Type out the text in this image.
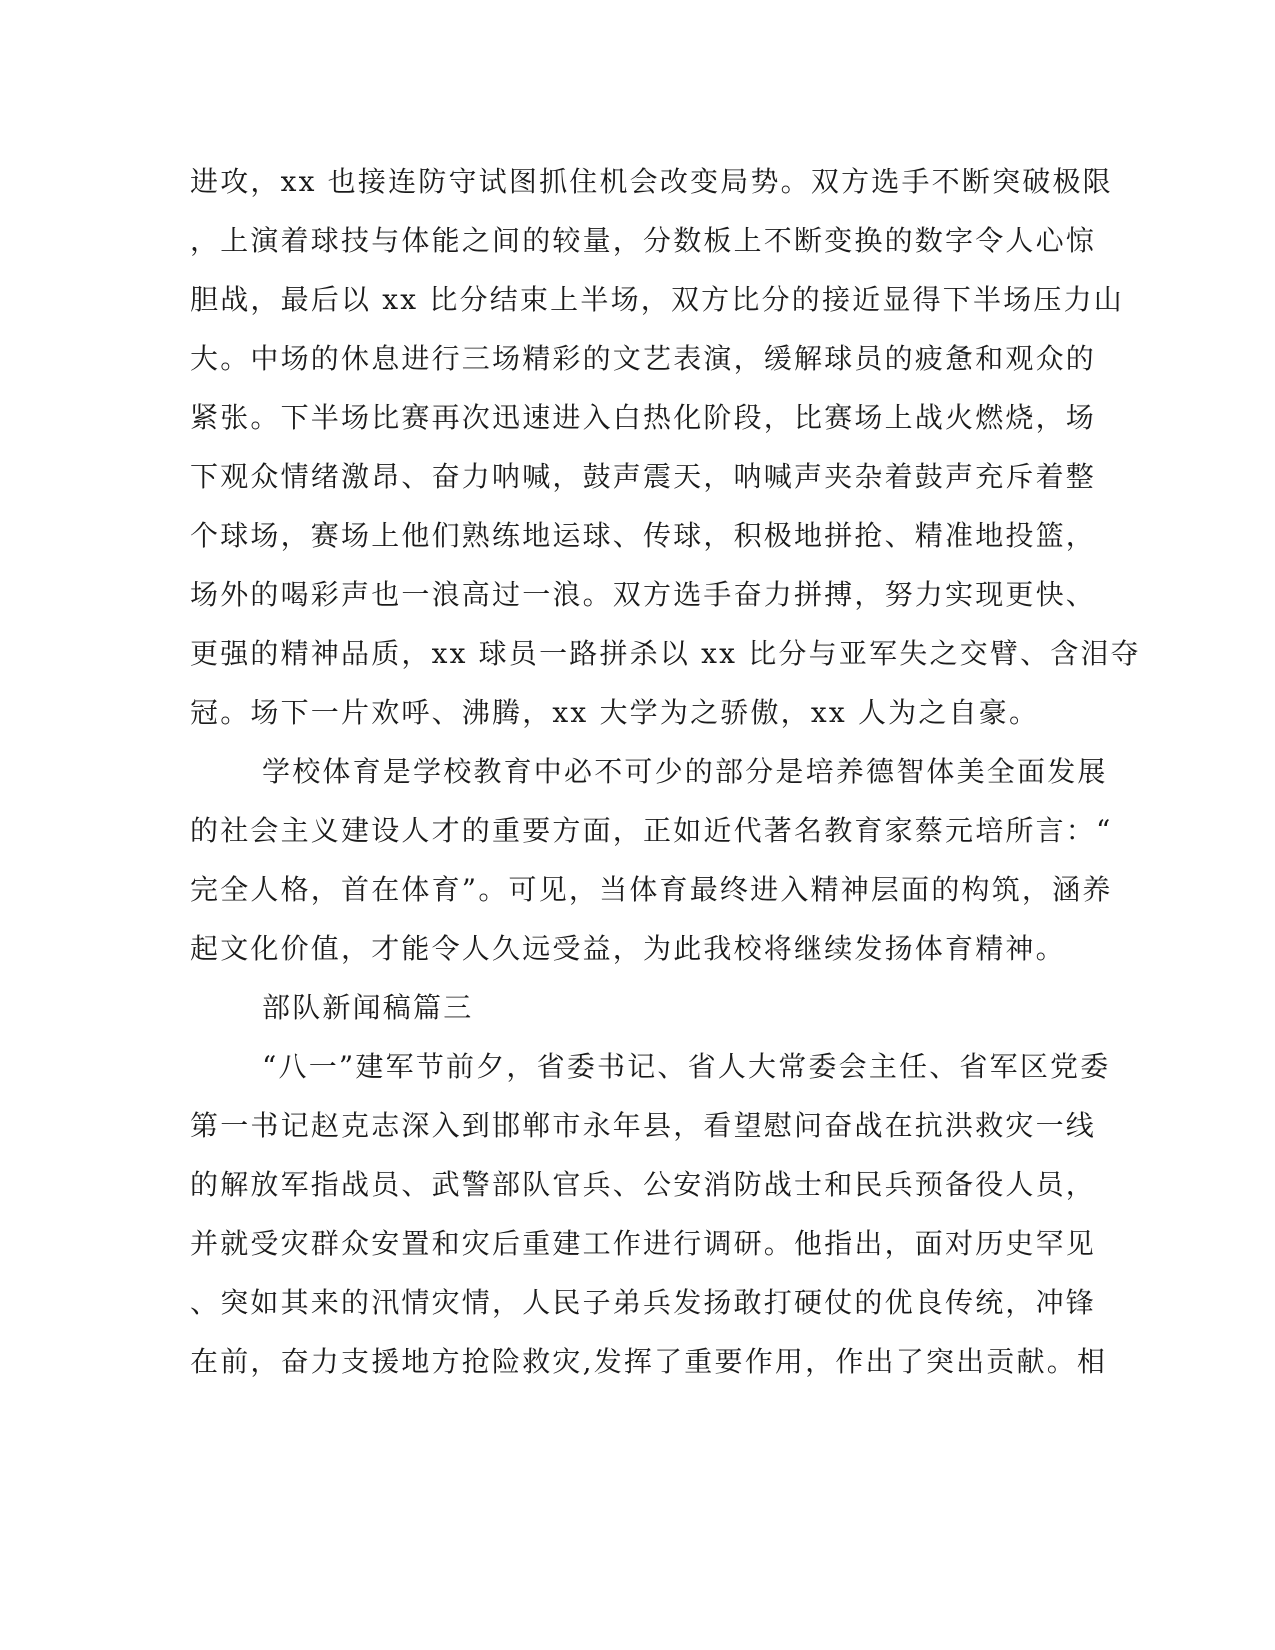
进攻，xx 也接连防守试图抓住机会改变局势。双方选手不断突破极限
，上演着球技与体能之间的较量，分数板上不断变换的数字令人心惊
胆战，最后以 xx 比分结束上半场，双方比分的接近显得下半场压力山
大。中场的休息进行三场精彩的文艺表演，缓解球员的疲惫和观众的
紧张。下半场比赛再次迅速进入白热化阶段，比赛场上战火燃烧，场
下观众情绪激昂、奋力呐喊，鼓声震天，呐喊声夹杂着鼓声充斥着整
个球场，赛场上他们熟练地运球、传球，积极地拼抢、精准地投篮，
场外的喝彩声也一浪高过一浪。双方选手奋力拼搏，努力实现更快、
更强的精神品质，xx 球员一路拼杀以 xx 比分与亚军失之交臂、含泪夺
冠。场下一片欢呼、沸腾，xx 大学为之骄傲，xx 人为之自豪。
学校体育是学校教育中必不可少的部分是培养德智体美全面发展
的社会主义建设人才的重要方面，正如近代著名教育家蔡元培所言：“
完全人格，首在体育”。可见，当体育最终进入精神层面的构筑，涵养
起文化价值，才能令人久远受益，为此我校将继续发扬体育精神。
部队新闻稿篇三
“八一”建军节前夕，省委书记、省人大常委会主任、省军区党委
第一书记赵克志深入到邯郸市永年县，看望慰问奋战在抗洪救灾一线
的解放军指战员、武警部队官兵、公安消防战士和民兵预备役人员，
并就受灾群众安置和灾后重建工作进行调研。他指出，面对历史罕见
、突如其来的汛情灾情，人民子弟兵发扬敢打硬仗的优良传统，冲锋
在前，奋力支援地方抢险救灾,发挥了重要作用，作出了突出贡献。相
